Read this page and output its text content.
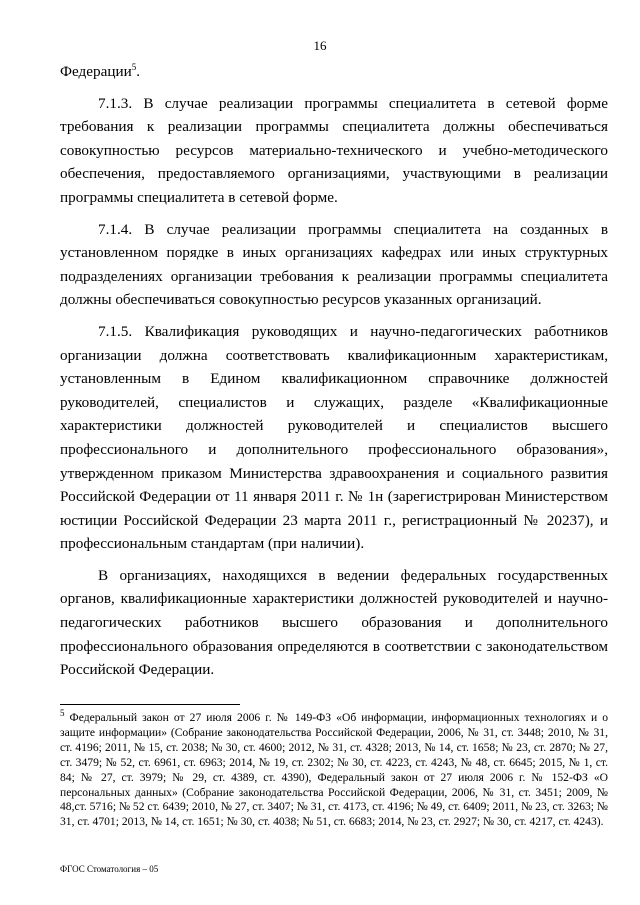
16

Федерации$^5$.

7.1.3. В случае реализации программы специалитета в сетевой форме требования к реализации программы специалитета должны обеспечиваться совокупностью ресурсов материально-технического и учебно-методического обеспечения, предоставляемого организациями, участвующими в реализации программы специалитета в сетевой форме.

7.1.4. В случае реализации программы специалитета на созданных в установленном порядке в иных организациях кафедрах или иных структурных подразделениях организации требования к реализации программы специалитета должны обеспечиваться совокупностью ресурсов указанных организаций.

7.1.5. Квалификация руководящих и научно-педагогических работников организации должна соответствовать квалификационным характеристикам, установленным в Едином квалификационном справочнике должностей руководителей, специалистов и служащих, разделе «Квалификационные характеристики должностей руководителей и специалистов высшего профессионального и дополнительного профессионального образования», утвержденном приказом Министерства здравоохранения и социального развития Российской Федерации от 11 января 2011 г. № 1н (зарегистрирован Министерством юстиции Российской Федерации 23 марта 2011 г., регистрационный № 20237), и профессиональным стандартам (при наличии).

В организациях, находящихся в ведении федеральных государственных органов, квалификационные характеристики должностей руководителей и научно-педагогических работников высшего образования и дополнительного профессионального образования определяются в соответствии с законодательством Российской Федерации.

$^5$ Федеральный закон от 27 июля 2006 г. № 149-ФЗ «Об информации, информационных технологиях и о защите информации» (Собрание законодательства Российской Федерации, 2006, № 31, ст. 3448; 2010, № 31, ст. 4196; 2011, № 15, ст. 2038; № 30, ст. 4600; 2012, № 31, ст. 4328; 2013, № 14, ст. 1658; № 23, ст. 2870; № 27, ст. 3479; № 52, ст. 6961, ст. 6963; 2014, № 19, ст. 2302; № 30, ст. 4223, ст. 4243, № 48, ст. 6645; 2015, № 1, ст. 84; № 27, ст. 3979; № 29, ст. 4389, ст. 4390), Федеральный закон от 27 июля 2006 г. № 152-ФЗ «О персональных данных» (Собрание законодательства Российской Федерации, 2006, № 31, ст. 3451; 2009, № 48,ст. 5716; № 52 ст. 6439; 2010, № 27, ст. 3407; № 31, ст. 4173, ст. 4196; № 49, ст. 6409; 2011, № 23, ст. 3263; № 31, ст. 4701; 2013, № 14, ст. 1651; № 30, ст. 4038; № 51, ст. 6683; 2014, № 23, ст. 2927; № 30, ст. 4217, ст. 4243).
ФГОС Стоматология – 05
